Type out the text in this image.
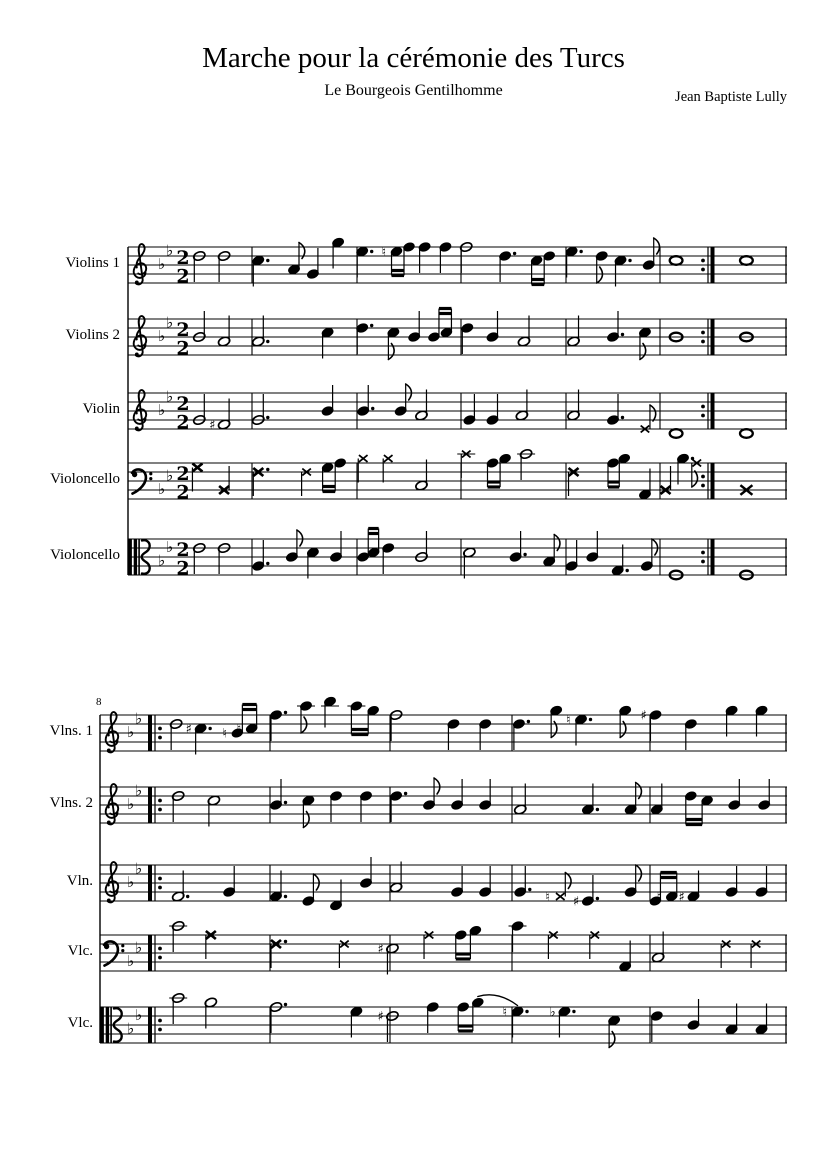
♭
♭ 2
2
♮
♭
♭ 2
2
♭
♭ 2
2 ♯
♭
♭ 2
2
♭
♭ 2
2
♭
♭
♯ ♮ ♮
♮	♯
♭
♭
♭
♭
♮ ♯	♮ ♯
♭
♭	♯
♭
♭	♯	♮	♭
Marche pour la cérémonie des Turcs
Le Bourgeois Gentilhomme	Jean Baptiste Lully
8
Violins 1
Violins 2
Violin
Violoncello
Violoncello
Vlns. 1
Vlns. 2
Vln.
Vlc.
Vlc.
